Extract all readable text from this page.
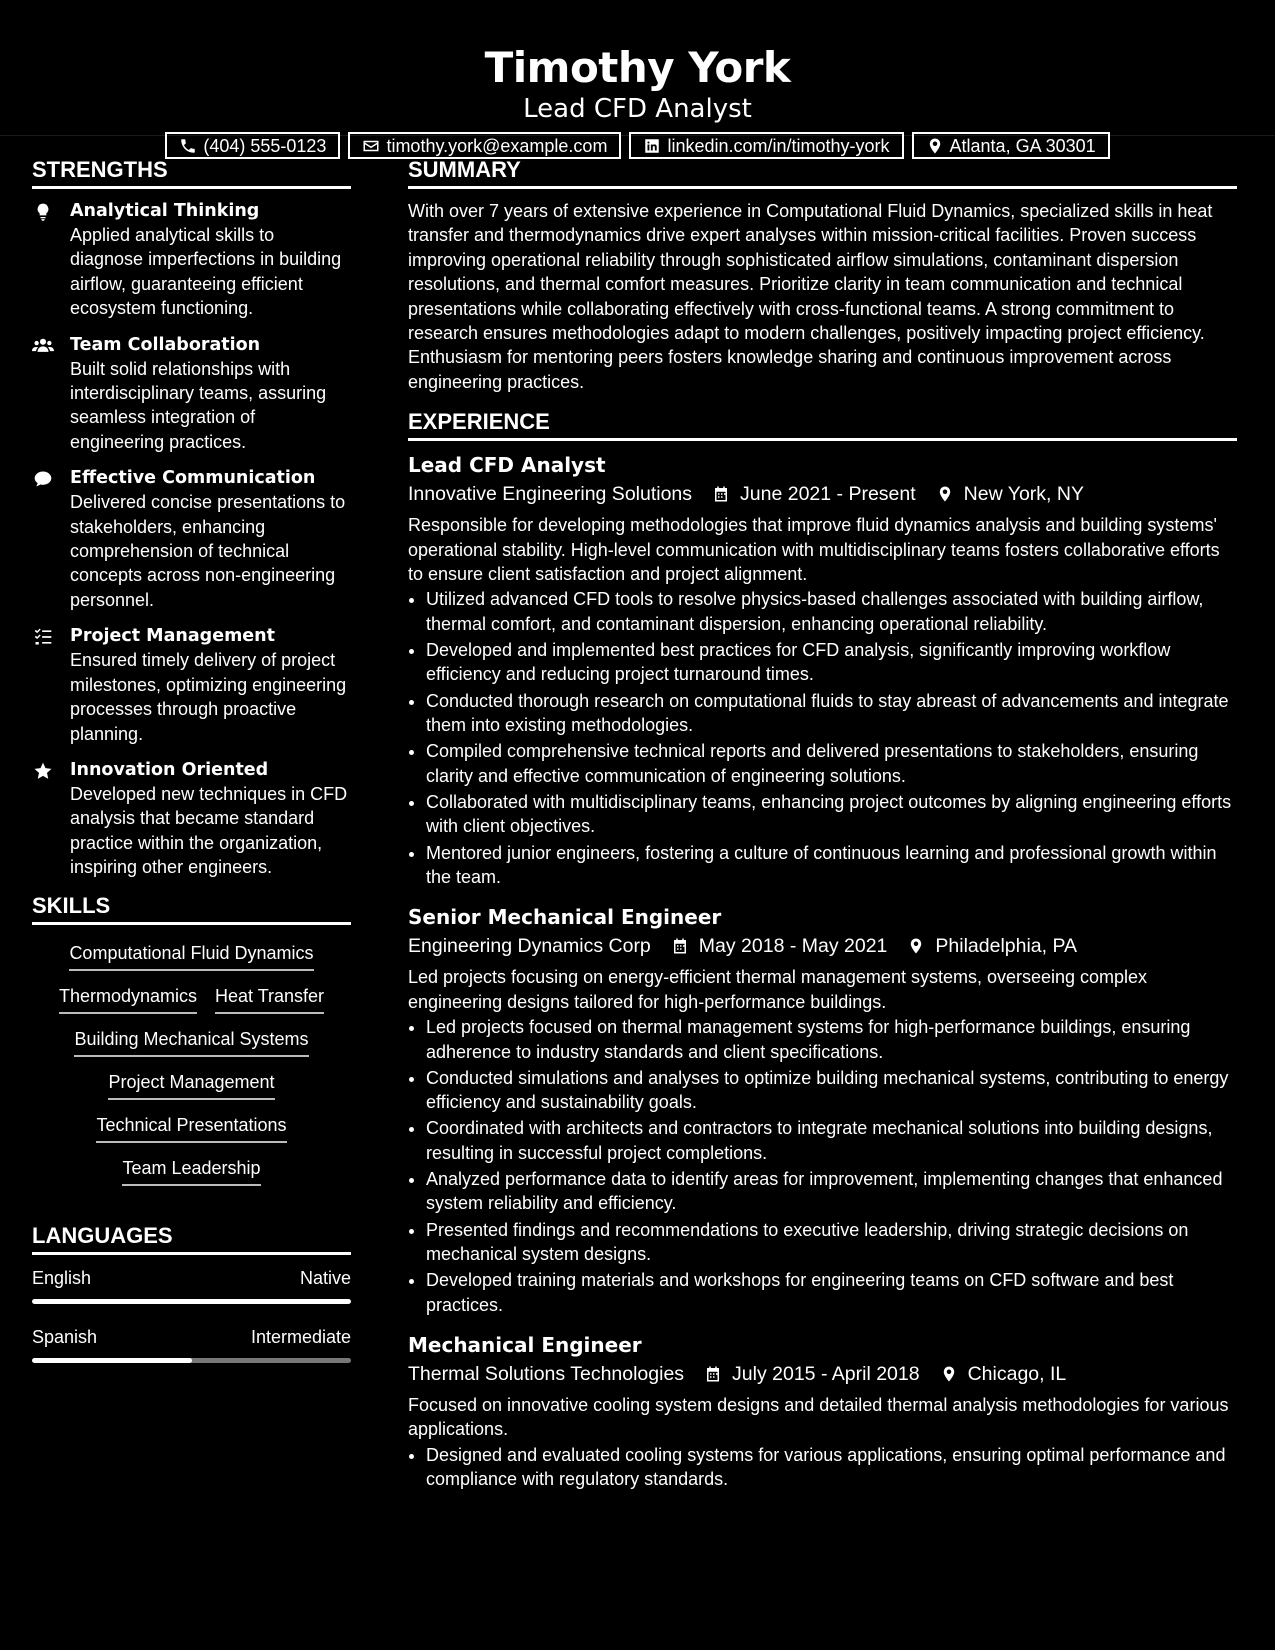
Timothy York
Lead CFD Analyst
(404) 555-0123	timothy.york@example.com	linkedin.com/in/timothy-york	Atlanta, GA 30301
STRENGTHS
Analytical Thinking
Applied analytical skills to diagnose imperfections in building airflow, guaranteeing efficient ecosystem functioning.
Team Collaboration
Built solid relationships with interdisciplinary teams, assuring seamless integration of engineering practices.
Effective Communication
Delivered concise presentations to stakeholders, enhancing comprehension of technical concepts across non-engineering personnel.
Project Management
Ensured timely delivery of project milestones, optimizing engineering processes through proactive planning.
Innovation Oriented
Developed new techniques in CFD analysis that became standard practice within the organization, inspiring other engineers.
SKILLS
Computational Fluid Dynamics
Thermodynamics Heat Transfer
Building Mechanical Systems
Project Management
Technical Presentations
Team Leadership
LANGUAGES
English	Native
Spanish	Intermediate
SUMMARY
With over 7 years of extensive experience in Computational Fluid Dynamics, specialized skills in heat transfer and thermodynamics drive expert analyses within mission-critical facilities. Proven success improving operational reliability through sophisticated airflow simulations, contaminant dispersion resolutions, and thermal comfort measures. Prioritize clarity in team communication and technical presentations while collaborating effectively with cross-functional teams. A strong commitment to research ensures methodologies adapt to modern challenges, positively impacting project efficiency. Enthusiasm for mentoring peers fosters knowledge sharing and continuous improvement across engineering practices.
EXPERIENCE
Lead CFD Analyst
Innovative Engineering Solutions June 2021 - Present New York, NY
Responsible for developing methodologies that improve fluid dynamics analysis and building systems' operational stability. High-level communication with multidisciplinary teams fosters collaborative efforts to ensure client satisfaction and project alignment.
• Utilized advanced CFD tools to resolve physics-based challenges associated with building airflow, thermal comfort, and contaminant dispersion, enhancing operational reliability.
• Developed and implemented best practices for CFD analysis, significantly improving workflow efficiency and reducing project turnaround times.
• Conducted thorough research on computational fluids to stay abreast of advancements and integrate them into existing methodologies.
• Compiled comprehensive technical reports and delivered presentations to stakeholders, ensuring clarity and effective communication of engineering solutions.
• Collaborated with multidisciplinary teams, enhancing project outcomes by aligning engineering efforts with client objectives.
• Mentored junior engineers, fostering a culture of continuous learning and professional growth within the team.
Senior Mechanical Engineer
Engineering Dynamics Corp May 2018 - May 2021 Philadelphia, PA
Led projects focusing on energy-efficient thermal management systems, overseeing complex engineering designs tailored for high-performance buildings.
• Led projects focused on thermal management systems for high-performance buildings, ensuring adherence to industry standards and client specifications.
• Conducted simulations and analyses to optimize building mechanical systems, contributing to energy efficiency and sustainability goals.
• Coordinated with architects and contractors to integrate mechanical solutions into building designs, resulting in successful project completions.
• Analyzed performance data to identify areas for improvement, implementing changes that enhanced system reliability and efficiency.
• Presented findings and recommendations to executive leadership, driving strategic decisions on mechanical system designs.
• Developed training materials and workshops for engineering teams on CFD software and best practices.
Mechanical Engineer
Thermal Solutions Technologies July 2015 - April 2018 Chicago, IL
Focused on innovative cooling system designs and detailed thermal analysis methodologies for various applications.
• Designed and evaluated cooling systems for various applications, ensuring optimal performance and compliance with regulatory standards.
